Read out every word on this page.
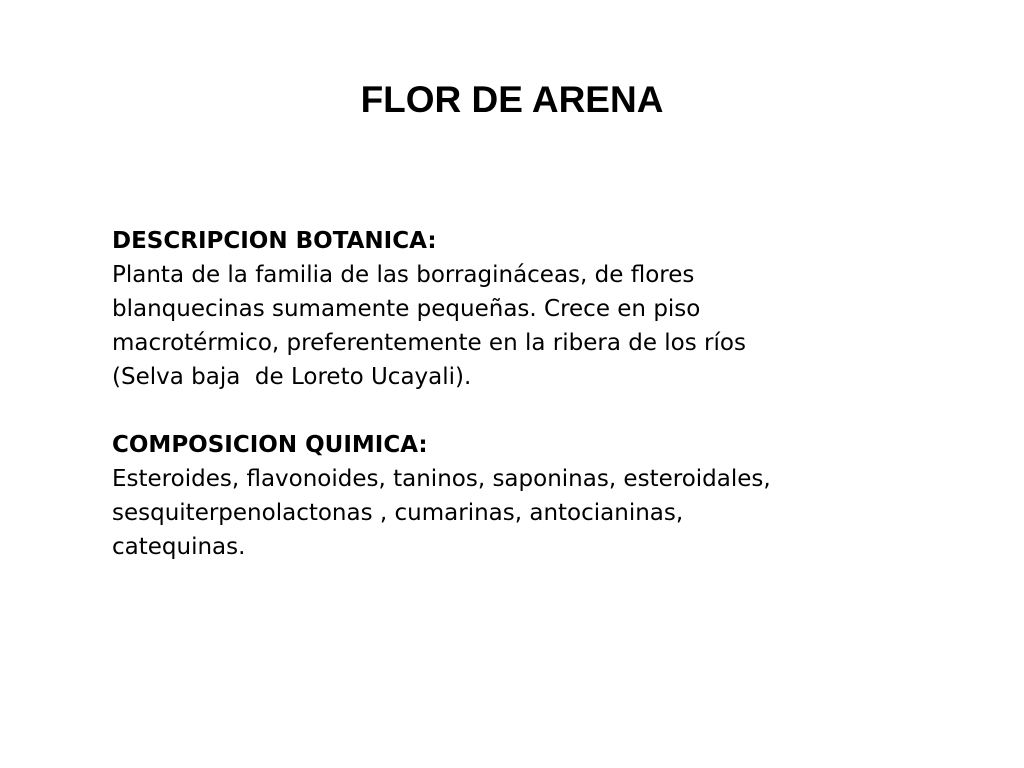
FLOR DE ARENA

DESCRIPCION BOTANICA:

Planta de la familia de las borragináceas, de flores
blanquecinas sumamente pequeñas. Crece en piso
macrotérmico, preferentemente en la ribera de los ríos
(Selva baja  de Loreto Ucayali).

COMPOSICION QUIMICA:

Esteroides, flavonoides, taninos, saponinas, esteroidales,
sesquiterpenolactonas , cumarinas, antocianinas,
catequinas.
